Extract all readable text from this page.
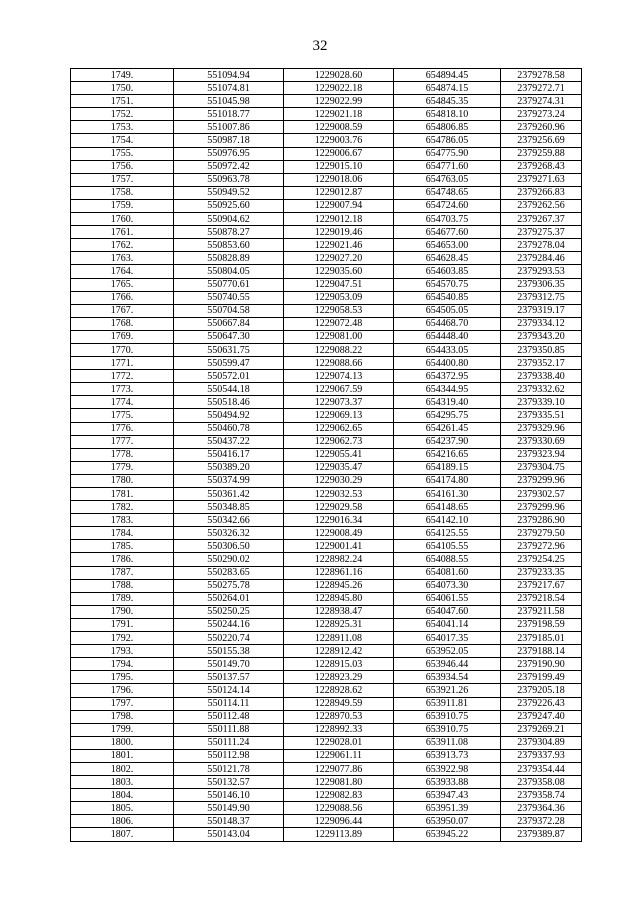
32
1749.	551094.94	1229028.60	654894.45	2379278.58
1750.	551074.81	1229022.18	654874.15	2379272.71
1751.	551045.98	1229022.99	654845.35	2379274.31
1752.	551018.77	1229021.18	654818.10	2379273.24
1753.	551007.86	1229008.59	654806.85	2379260.96
1754.	550987.18	1229003.76	654786.05	2379256.69
1755.	550976.95	1229006.67	654775.90	2379259.88
1756.	550972.42	1229015.10	654771.60	2379268.43
1757.	550963.78	1229018.06	654763.05	2379271.63
1758.	550949.52	1229012.87	654748.65	2379266.83
1759.	550925.60	1229007.94	654724.60	2379262.56
1760.	550904.62	1229012.18	654703.75	2379267.37
1761.	550878.27	1229019.46	654677.60	2379275.37
1762.	550853.60	1229021.46	654653.00	2379278.04
1763.	550828.89	1229027.20	654628.45	2379284.46
1764.	550804.05	1229035.60	654603.85	2379293.53
1765.	550770.61	1229047.51	654570.75	2379306.35
1766.	550740.55	1229053.09	654540.85	2379312.75
1767.	550704.58	1229058.53	654505.05	2379319.17
1768.	550667.84	1229072.48	654468.70	2379334.12
1769.	550647.30	1229081.00	654448.40	2379343.20
1770.	550631.75	1229088.22	654433.05	2379350.85
1771.	550599.47	1229088.66	654400.80	2379352.17
1772.	550572.01	1229074.13	654372.95	2379338.40
1773.	550544.18	1229067.59	654344.95	2379332.62
1774.	550518.46	1229073.37	654319.40	2379339.10
1775.	550494.92	1229069.13	654295.75	2379335.51
1776.	550460.78	1229062.65	654261.45	2379329.96
1777.	550437.22	1229062.73	654237.90	2379330.69
1778.	550416.17	1229055.41	654216.65	2379323.94
1779.	550389.20	1229035.47	654189.15	2379304.75
1780.	550374.99	1229030.29	654174.80	2379299.96
1781.	550361.42	1229032.53	654161.30	2379302.57
1782.	550348.85	1229029.58	654148.65	2379299.96
1783.	550342.66	1229016.34	654142.10	2379286.90
1784.	550326.32	1229008.49	654125.55	2379279.50
1785.	550306.50	1229001.41	654105.55	2379272.96
1786.	550290.02	1228982.24	654088.55	2379254.25
1787.	550283.65	1228961.16	654081.60	2379233.35
1788.	550275.78	1228945.26	654073.30	2379217.67
1789.	550264.01	1228945.80	654061.55	2379218.54
1790.	550250.25	1228938.47	654047.60	2379211.58
1791.	550244.16	1228925.31	654041.14	2379198.59
1792.	550220.74	1228911.08	654017.35	2379185.01
1793.	550155.38	1228912.42	653952.05	2379188.14
1794.	550149.70	1228915.03	653946.44	2379190.90
1795.	550137.57	1228923.29	653934.54	2379199.49
1796.	550124.14	1228928.62	653921.26	2379205.18
1797.	550114.11	1228949.59	653911.81	2379226.43
1798.	550112.48	1228970.53	653910.75	2379247.40
1799.	550111.88	1228992.33	653910.75	2379269.21
1800.	550111.24	1229028.01	653911.08	2379304.89
1801.	550112.98	1229061.11	653913.73	2379337.93
1802.	550121.78	1229077.86	653922.98	2379354.44
1803.	550132.57	1229081.80	653933.88	2379358.08
1804.	550146.10	1229082.83	653947.43	2379358.74
1805.	550149.90	1229088.56	653951.39	2379364.36
1806.	550148.37	1229096.44	653950.07	2379372.28
1807.	550143.04	1229113.89	653945.22	2379389.87
